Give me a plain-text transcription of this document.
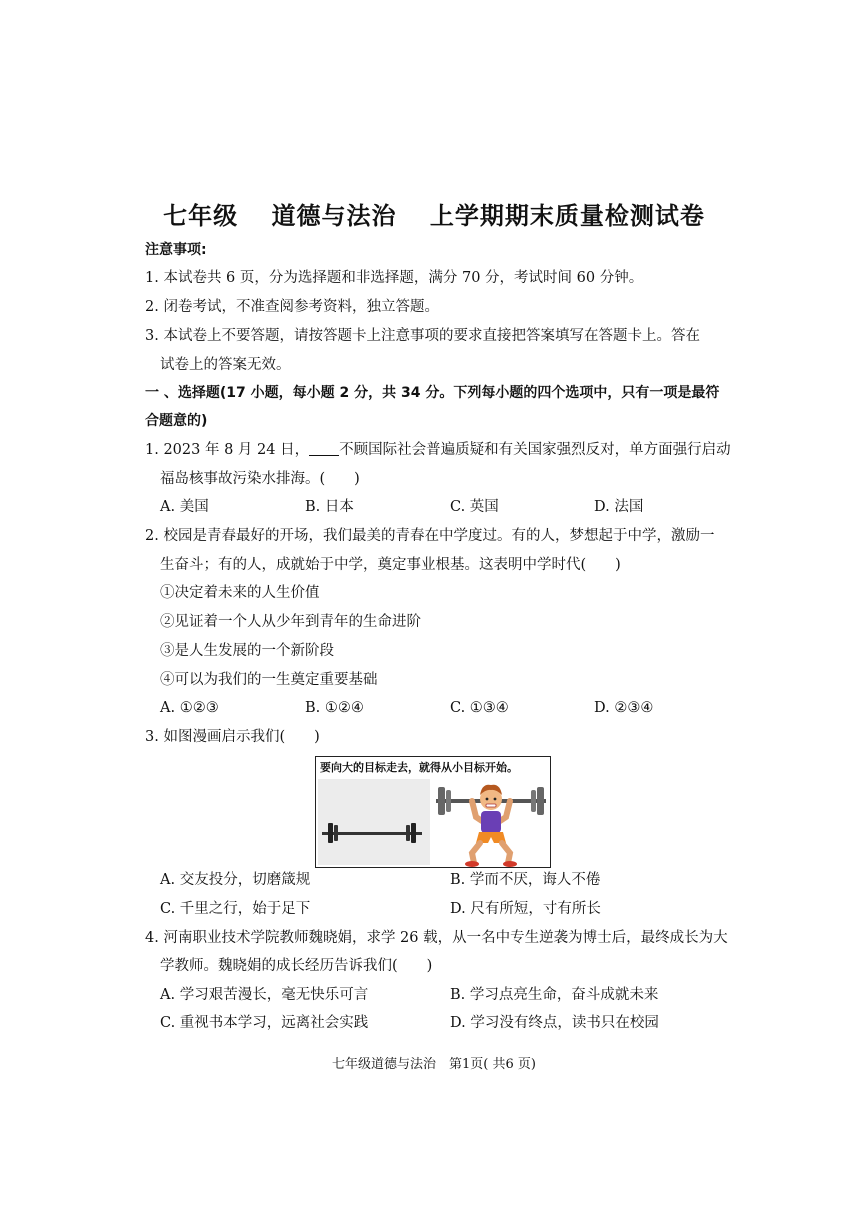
七年级 道德与法治 上学期期末质量检测试卷
注意事项:
1. 本试卷共 6 页，分为选择题和非选择题，满分 70 分，考试时间 60 分钟。
2. 闭卷考试，不准查阅参考资料，独立答题。
3. 本试卷上不要答题，请按答题卡上注意事项的要求直接把答案填写在答题卡上。答在
试卷上的答案无效。
一 、选择题(17 小题，每小题 2 分，共 34 分。下列每小题的四个选项中，只有一项是最符
合题意的)
1. 2023 年 8 月 24 日， 不顾国际社会普遍质疑和有关国家强烈反对，单方面强行启动
福岛核事故污染水排海。(　　)
A. 美国	B. 日本	C. 英国	D. 法国
2. 校园是青春最好的开场，我们最美的青春在中学度过。有的人，梦想起于中学，激励一
生奋斗；有的人，成就始于中学，奠定事业根基。这表明中学时代(　　)
①决定着未来的人生价值
②见证着一个人从少年到青年的生命进阶
③是人生发展的一个新阶段
④可以为我们的一生奠定重要基础
A. ①②③	B. ①②④	C. ①③④	D. ②③④
3. 如图漫画启示我们(　　)
要向大的目标走去，就得从小目标开始。
A. 交友投分，切磨箴规	B. 学而不厌，诲人不倦
C. 千里之行，始于足下	D. 尺有所短，寸有所长
4. 河南职业技术学院教师魏晓娟，求学 26 载，从一名中专生逆袭为博士后，最终成长为大
学教师。魏晓娟的成长经历告诉我们(　　)
A. 学习艰苦漫长，毫无快乐可言	B. 学习点亮生命，奋斗成就未来
C. 重视书本学习，远离社会实践	D. 学习没有终点，读书只在校园
七年级道德与法治　第1页( 共6 页)
